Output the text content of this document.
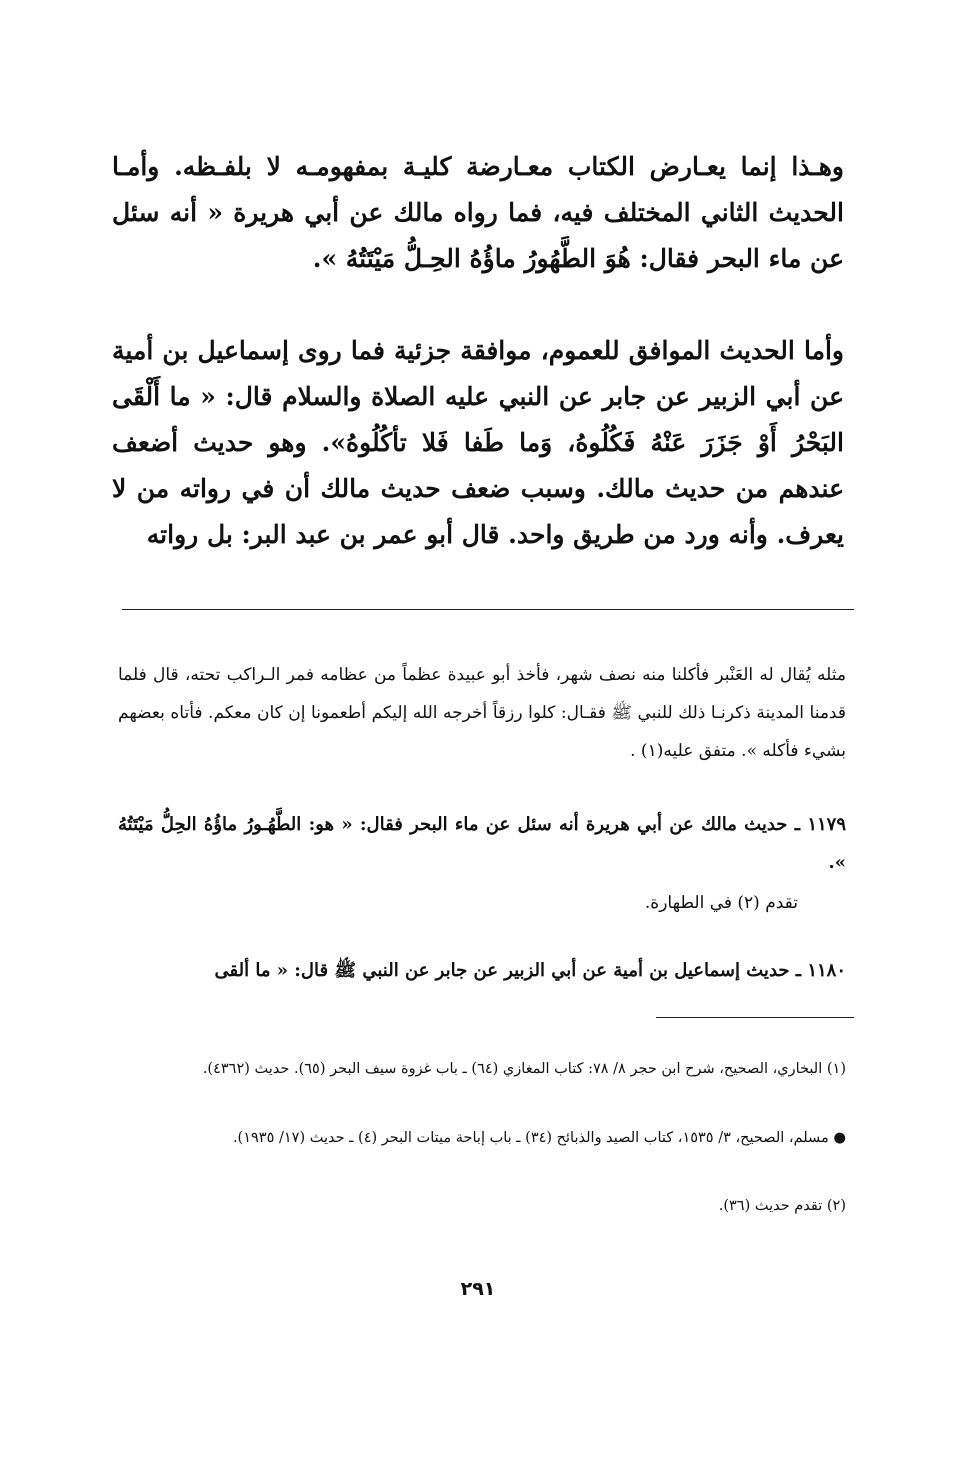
وهـذا إنما يعـارض الكتاب معـارضة كليـة بمفهومـه لا بلفـظه. وأمـا الحديث الثاني المختلف فيه، فما رواه مالك عن أبي هريرة « أنه سئل عن ماء البحر فقال: هُوَ الطَّهُورُ ماؤُهُ الحِـلُّ مَيْتَتُهُ ».

وأما الحديث الموافق للعموم، موافقة جزئية فما روى إسماعيل بن أمية عن أبي الزبير عن جابر عن النبي عليه الصلاة والسلام قال: « ما أَلْقَى البَحْرُ أَوْ جَزَرَ عَنْهُ فَكُلُوهُ، وَما طَفا فَلا تأكُلُوهُ». وهو حديث أضعف عندهم من حديث مالك. وسبب ضعف حديث مالك أن في رواته من لا يعرف. وأنه ورد من طريق واحد. قال أبو عمر بن عبد البر: بل رواته

مثله يُقال له العَنْبر فأكلنا منه نصف شهر، فأخذ أبو عبيدة عظماً من عظامه فمر الـراكب تحته، قال فلما قدمنا المدينة ذكرنـا ذلك للنبي ﷺ فقـال: كلوا رزقاً أخرجه الله إليكم أطعمونا إن كان معكم. فأتاه بعضهم بشيء فأكله ». متفق عليه(١) .

١١٧٩ ـ حديث مالك عن أبي هريرة أنه سئل عن ماء البحر فقال: « هو: الطَّهُـورُ ماؤُهُ الحِلُّ مَيْتَتُهُ ».

تقدم (٢) في الطهارة.

١١٨٠ ـ حديث إسماعيل بن أمية عن أبي الزبير عن جابر عن النبي ﷺ قال: « ما ألقى

(١) البخاري، الصحيح، شرح ابن حجر ٨/ ٧٨: كتاب المغازي (٦٤) ـ باب غزوة سيف البحر (٦٥). حديث (٤٣٦٢).

● مسلم، الصحيح، ٣/ ١٥٣٥، كتاب الصيد والذبائح (٣٤) ـ باب إباحة ميتات البحر (٤) ـ حديث (١٧/ ١٩٣٥).

(٢) تقدم حديث (٣٦).

٢٩١
